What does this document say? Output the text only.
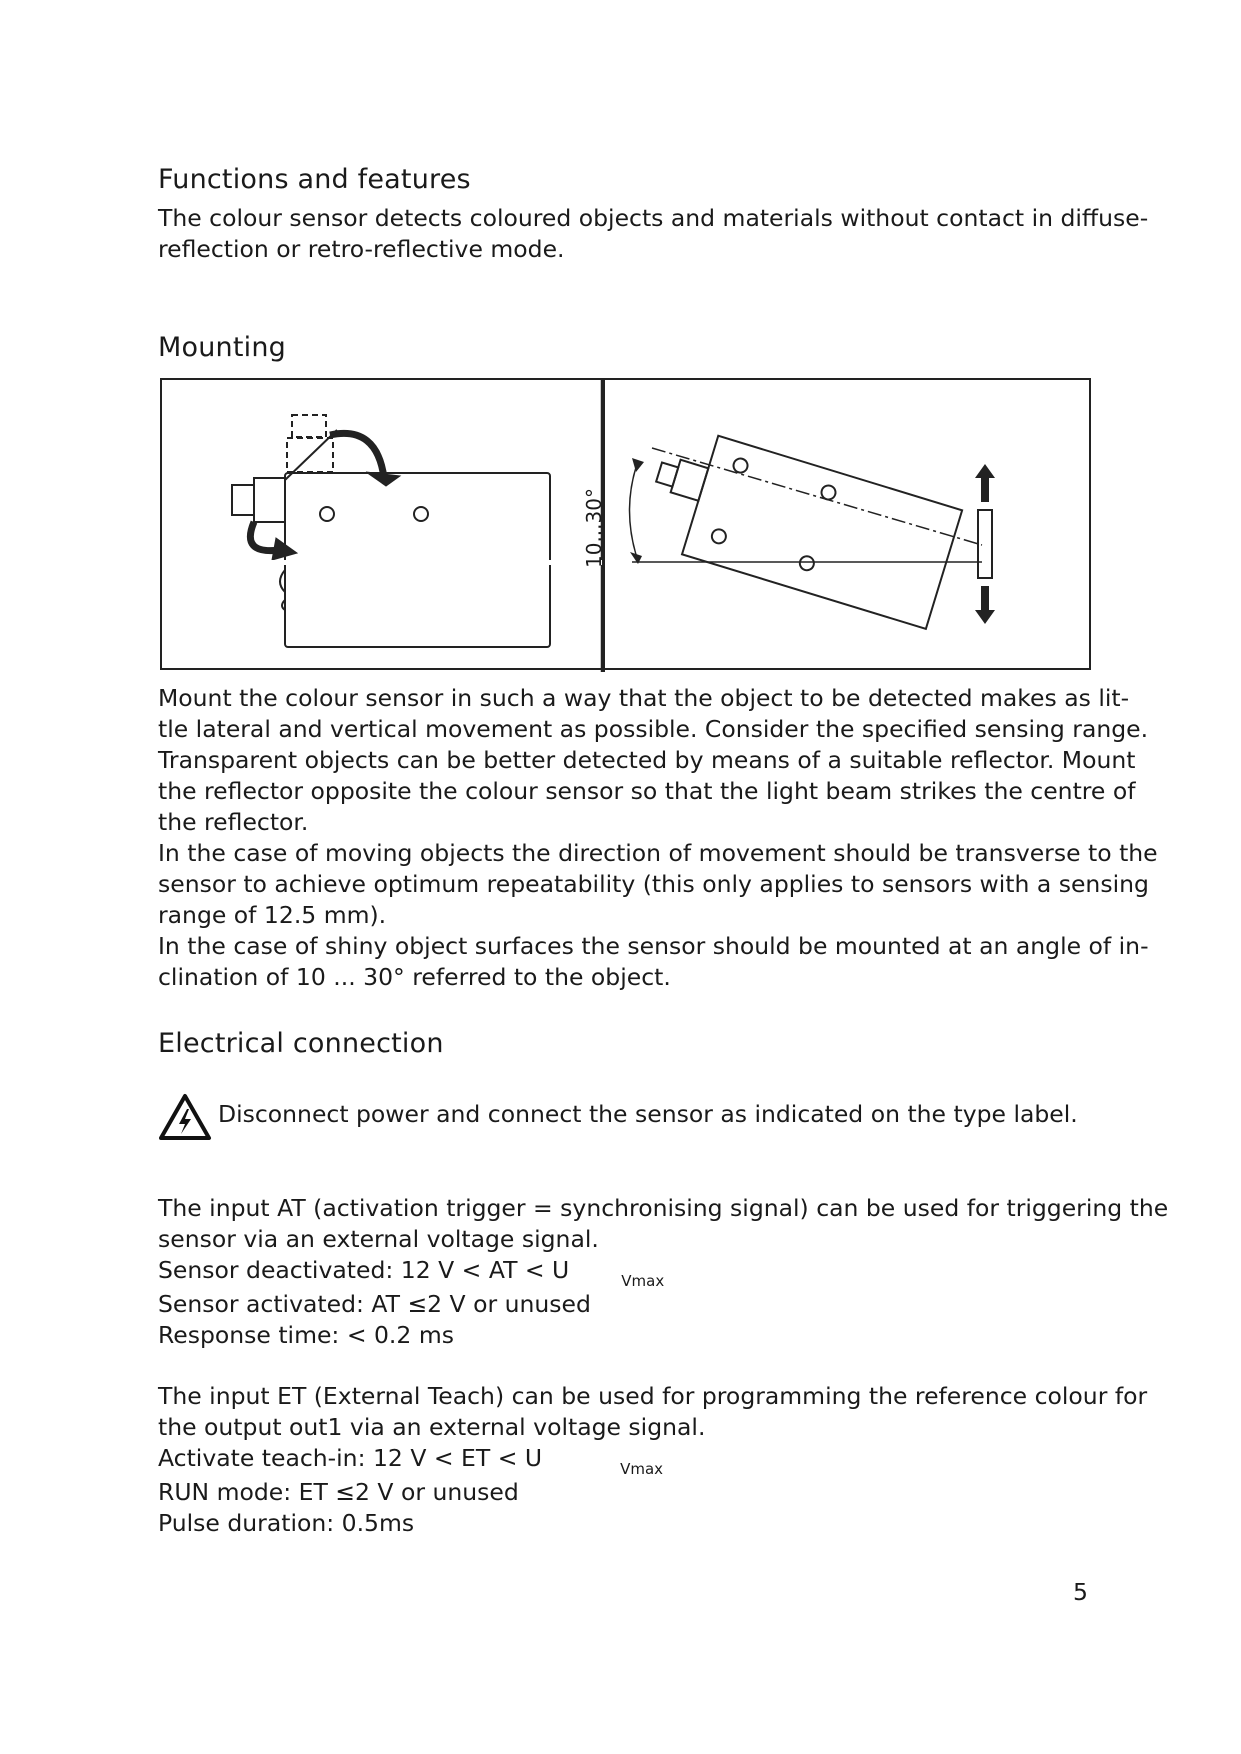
Functions and features

The colour sensor detects coloured objects and materials without contact in diffuse-
reflection or retro-reflective mode.

Mounting
10...30°

Mount the colour sensor in such a way that the object to be detected makes as lit-
tle lateral and vertical movement as possible. Consider the specified sensing range.
Transparent objects can be better detected by means of a suitable reflector. Mount
the reflector opposite the colour sensor so that the light beam strikes the centre of
the reflector.
In the case of moving objects the direction of movement should be transverse to the
sensor to achieve optimum repeatability (this only applies to sensors with a sensing
range of 12.5 mm).
In the case of shiny object surfaces the sensor should be mounted at an angle of in-
clination of 10 ... 30° referred to the object.

Electrical connection
Disconnect power and connect the sensor as indicated on the type label.

The input AT (activation trigger = synchronising signal) can be used for triggering the
sensor via an external voltage signal.
Sensor deactivated: 12 V < AT < U	$_{Vmax}$
Sensor activated: AT ≤2 V or unused
Response time: < 0.2 ms

The input ET (External Teach) can be used for programming the reference colour for
the output out1 via an external voltage signal.
Activate teach-in: 12 V < ET < U	$_{Vmax}$
RUN mode: ET ≤2 V or unused
Pulse duration: 0.5ms

5
